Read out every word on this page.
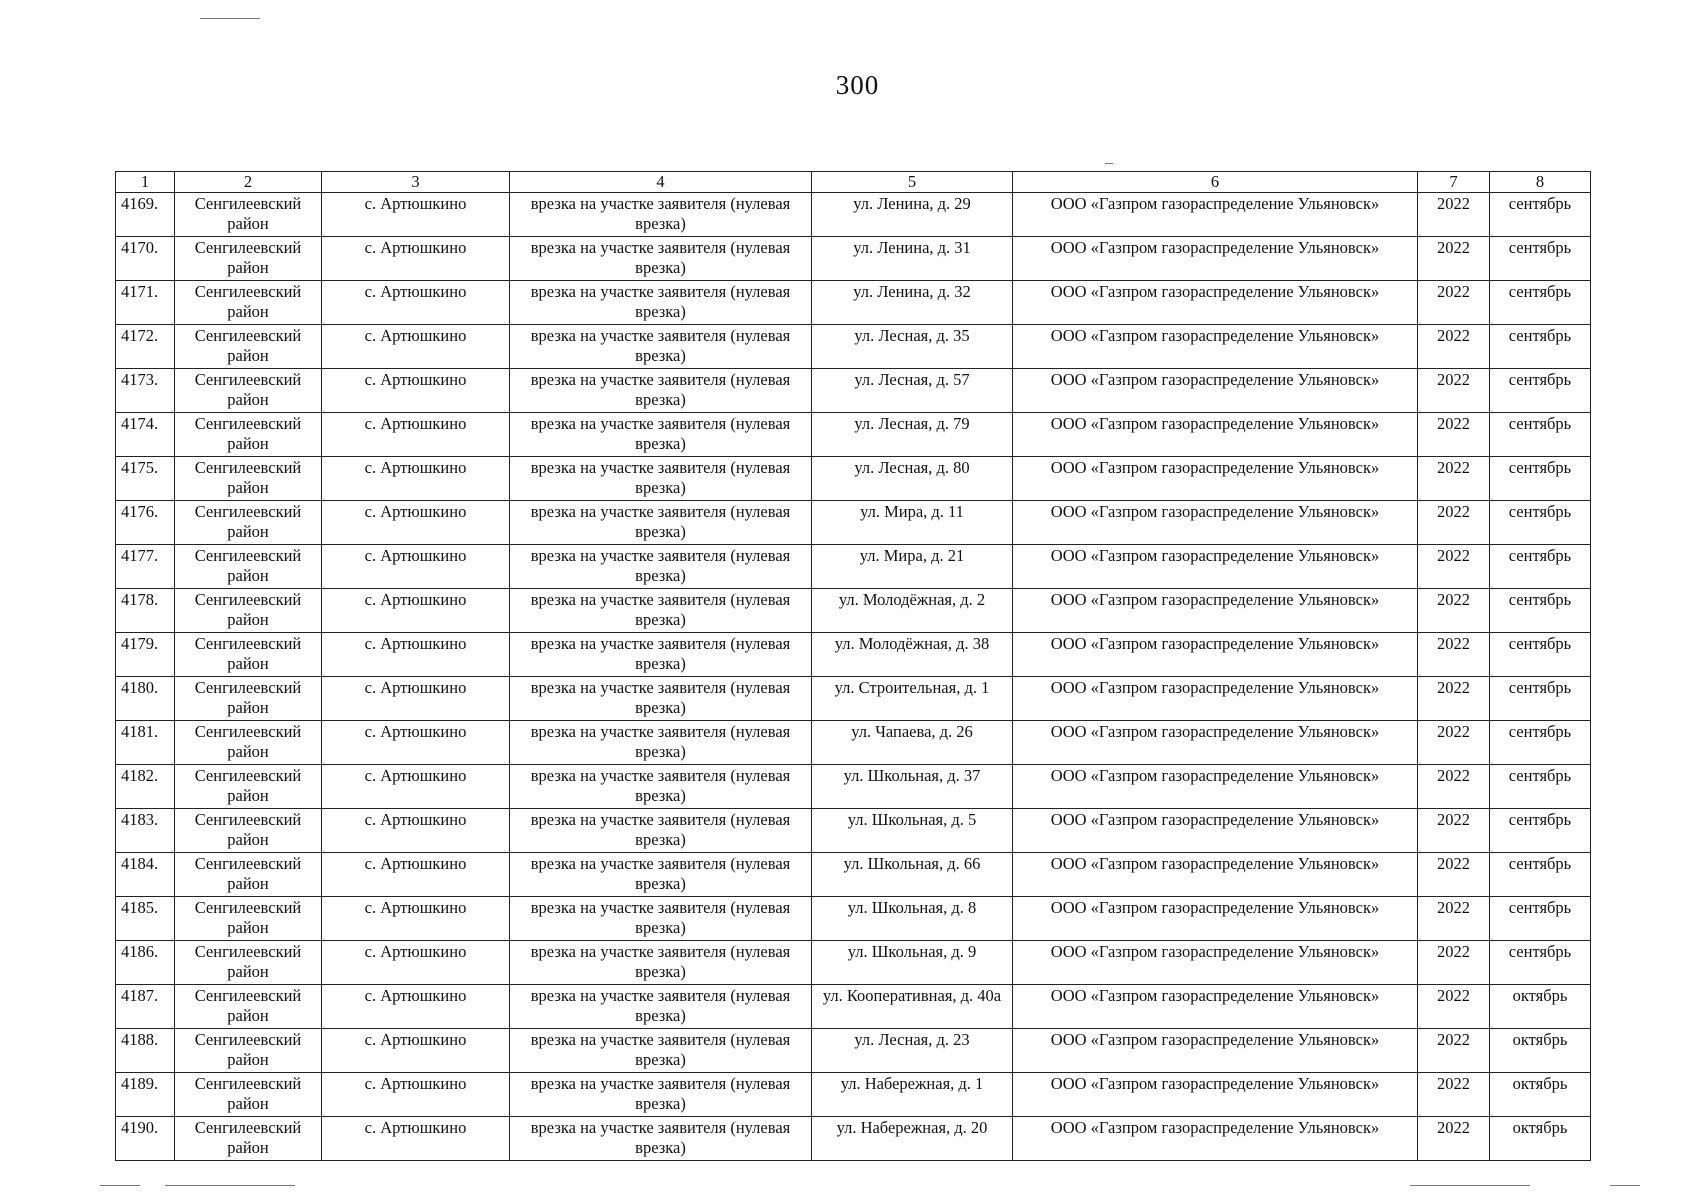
300
1	2	3	4	5	6	7	8
4169.	Сенгилеевский район	с. Артюшкино	врезка на участке заявителя (нулевая врезка)	ул. Ленина, д. 29	ООО «Газпром газораспределение Ульяновск»	2022	сентябрь
4170.	Сенгилеевский район	с. Артюшкино	врезка на участке заявителя (нулевая врезка)	ул. Ленина, д. 31	ООО «Газпром газораспределение Ульяновск»	2022	сентябрь
4171.	Сенгилеевский район	с. Артюшкино	врезка на участке заявителя (нулевая врезка)	ул. Ленина, д. 32	ООО «Газпром газораспределение Ульяновск»	2022	сентябрь
4172.	Сенгилеевский район	с. Артюшкино	врезка на участке заявителя (нулевая врезка)	ул. Лесная, д. 35	ООО «Газпром газораспределение Ульяновск»	2022	сентябрь
4173.	Сенгилеевский район	с. Артюшкино	врезка на участке заявителя (нулевая врезка)	ул. Лесная, д. 57	ООО «Газпром газораспределение Ульяновск»	2022	сентябрь
4174.	Сенгилеевский район	с. Артюшкино	врезка на участке заявителя (нулевая врезка)	ул. Лесная, д. 79	ООО «Газпром газораспределение Ульяновск»	2022	сентябрь
4175.	Сенгилеевский район	с. Артюшкино	врезка на участке заявителя (нулевая врезка)	ул. Лесная, д. 80	ООО «Газпром газораспределение Ульяновск»	2022	сентябрь
4176.	Сенгилеевский район	с. Артюшкино	врезка на участке заявителя (нулевая врезка)	ул. Мира, д. 11	ООО «Газпром газораспределение Ульяновск»	2022	сентябрь
4177.	Сенгилеевский район	с. Артюшкино	врезка на участке заявителя (нулевая врезка)	ул. Мира, д. 21	ООО «Газпром газораспределение Ульяновск»	2022	сентябрь
4178.	Сенгилеевский район	с. Артюшкино	врезка на участке заявителя (нулевая врезка)	ул. Молодёжная, д. 2	ООО «Газпром газораспределение Ульяновск»	2022	сентябрь
4179.	Сенгилеевский район	с. Артюшкино	врезка на участке заявителя (нулевая врезка)	ул. Молодёжная, д. 38	ООО «Газпром газораспределение Ульяновск»	2022	сентябрь
4180.	Сенгилеевский район	с. Артюшкино	врезка на участке заявителя (нулевая врезка)	ул. Строительная, д. 1	ООО «Газпром газораспределение Ульяновск»	2022	сентябрь
4181.	Сенгилеевский район	с. Артюшкино	врезка на участке заявителя (нулевая врезка)	ул. Чапаева, д. 26	ООО «Газпром газораспределение Ульяновск»	2022	сентябрь
4182.	Сенгилеевский район	с. Артюшкино	врезка на участке заявителя (нулевая врезка)	ул. Школьная, д. 37	ООО «Газпром газораспределение Ульяновск»	2022	сентябрь
4183.	Сенгилеевский район	с. Артюшкино	врезка на участке заявителя (нулевая врезка)	ул. Школьная, д. 5	ООО «Газпром газораспределение Ульяновск»	2022	сентябрь
4184.	Сенгилеевский район	с. Артюшкино	врезка на участке заявителя (нулевая врезка)	ул. Школьная, д. 66	ООО «Газпром газораспределение Ульяновск»	2022	сентябрь
4185.	Сенгилеевский район	с. Артюшкино	врезка на участке заявителя (нулевая врезка)	ул. Школьная, д. 8	ООО «Газпром газораспределение Ульяновск»	2022	сентябрь
4186.	Сенгилеевский район	с. Артюшкино	врезка на участке заявителя (нулевая врезка)	ул. Школьная, д. 9	ООО «Газпром газораспределение Ульяновск»	2022	сентябрь
4187.	Сенгилеевский район	с. Артюшкино	врезка на участке заявителя (нулевая врезка)	ул. Кооперативная, д. 40а	ООО «Газпром газораспределение Ульяновск»	2022	октябрь
4188.	Сенгилеевский район	с. Артюшкино	врезка на участке заявителя (нулевая врезка)	ул. Лесная, д. 23	ООО «Газпром газораспределение Ульяновск»	2022	октябрь
4189.	Сенгилеевский район	с. Артюшкино	врезка на участке заявителя (нулевая врезка)	ул. Набережная, д. 1	ООО «Газпром газораспределение Ульяновск»	2022	октябрь
4190.	Сенгилеевский район	с. Артюшкино	врезка на участке заявителя (нулевая врезка)	ул. Набережная, д. 20	ООО «Газпром газораспределение Ульяновск»	2022	октябрь
